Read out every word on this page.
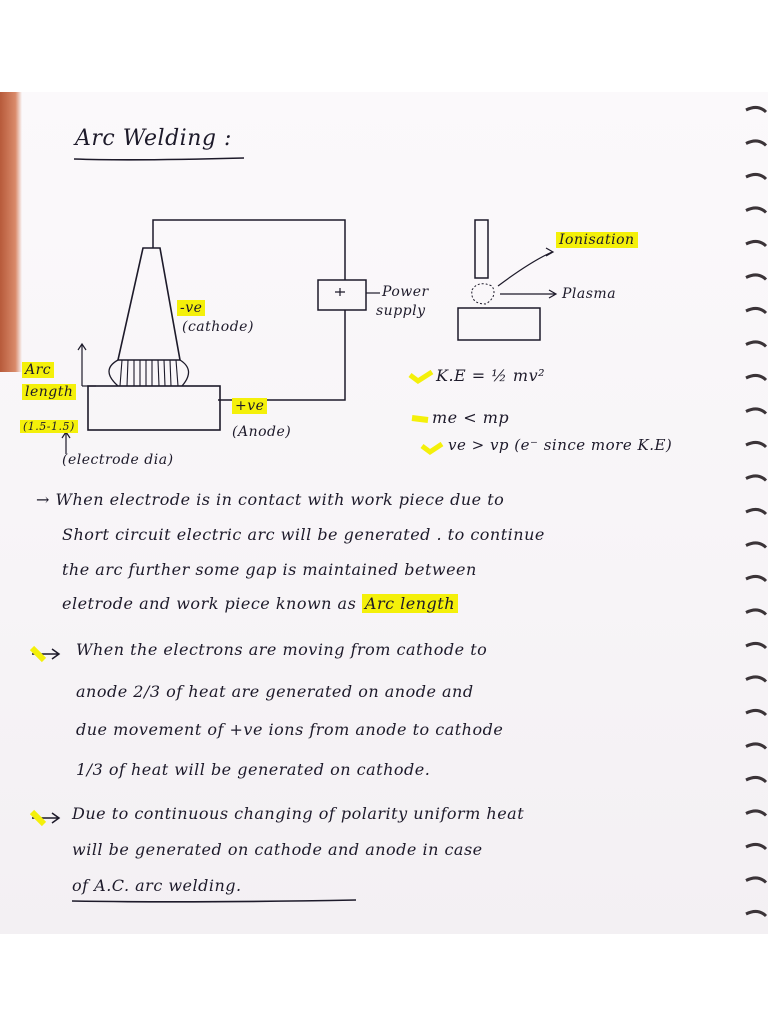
Arc Welding :

-ve

(cathode)

Power

supply

Arc

length

(1.5-1.5)

(electrode dia)

+ve

(Anode)

Ionisation

Plasma

K.E = ½ mv²

me < mp

ve > vp (e⁻ since more K.E)

→ When electrode is in contact with work piece due to

Short circuit electric arc will be generated . to continue

the arc further some gap is maintained between

eletrode and work piece known as Arc length

When the electrons are moving from cathode to

anode 2/3 of heat are generated on anode and

due movement of +ve ions from anode to cathode

1/3 of heat will be generated on cathode.

Due to continuous changing of polarity uniform heat

will be generated on cathode and anode in case

of A.C. arc welding.
